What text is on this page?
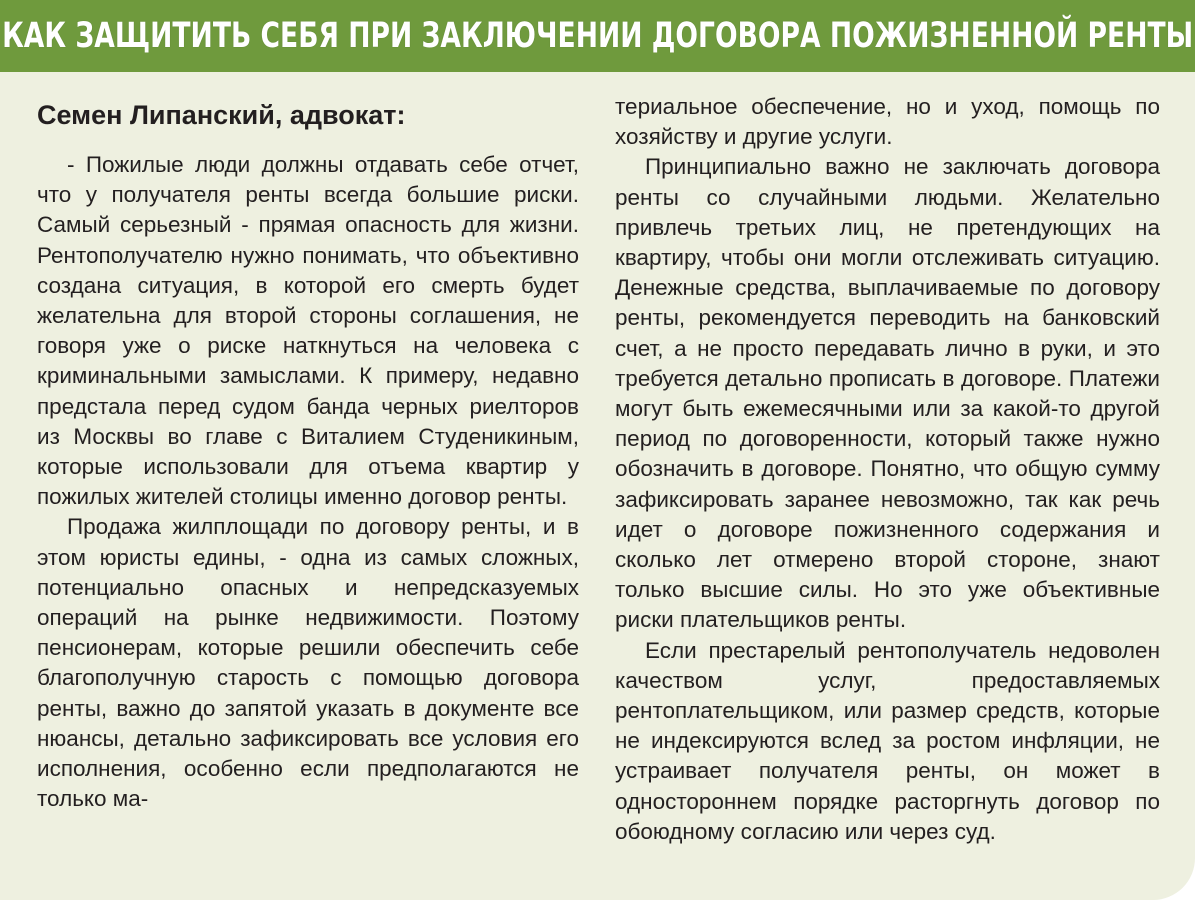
КАК ЗАЩИТИТЬ СЕБЯ ПРИ ЗАКЛЮЧЕНИИ ДОГОВОРА ПОЖИЗНЕННОЙ РЕНТЫ
Семен Липанский, адвокат:

- Пожилые люди должны отдавать себе отчет, что у получателя ренты всегда большие риски. Самый серьезный - прямая опасность для жизни. Рентополучателю нужно понимать, что объективно создана ситуация, в которой его смерть будет желательна для второй стороны соглашения, не говоря уже о риске наткнуться на человека с криминальными замыслами. К примеру, недавно предстала перед судом банда черных риелторов из Москвы во главе с Виталием Студеникиным, которые использовали для отъема квартир у пожилых жителей столицы именно договор ренты.

Продажа жилплощади по договору ренты, и в этом юристы едины, - одна из самых сложных, потенциально опасных и непредсказуемых операций на рынке недвижимости. Поэтому пенсионерам, которые решили обеспечить себе благополучную старость с помощью договора ренты, важно до запятой указать в документе все нюансы, детально зафиксировать все условия его исполнения, особенно если предполагаются не только ма-

териальное обеспечение, но и уход, помощь по хозяйству и другие услуги.

Принципиально важно не заключать договора ренты со случайными людьми. Желательно привлечь третьих лиц, не претендующих на квартиру, чтобы они могли отслеживать ситуацию. Денежные средства, выплачиваемые по договору ренты, рекомендуется переводить на банковский счет, а не просто передавать лично в руки, и это требуется детально прописать в договоре. Платежи могут быть ежемесячными или за какой-то другой период по договоренности, который также нужно обозначить в договоре. Понятно, что общую сумму зафиксировать заранее невозможно, так как речь идет о договоре пожизненного содержания и сколько лет отмерено второй стороне, знают только высшие силы. Но это уже объективные риски плательщиков ренты.

Если престарелый рентополучатель недоволен качеством услуг, предоставляемых рентоплательщиком, или размер средств, которые не индексируются вслед за ростом инфляции, не устраивает получателя ренты, он может в одностороннем порядке расторгнуть договор по обоюдному согласию или через суд.
